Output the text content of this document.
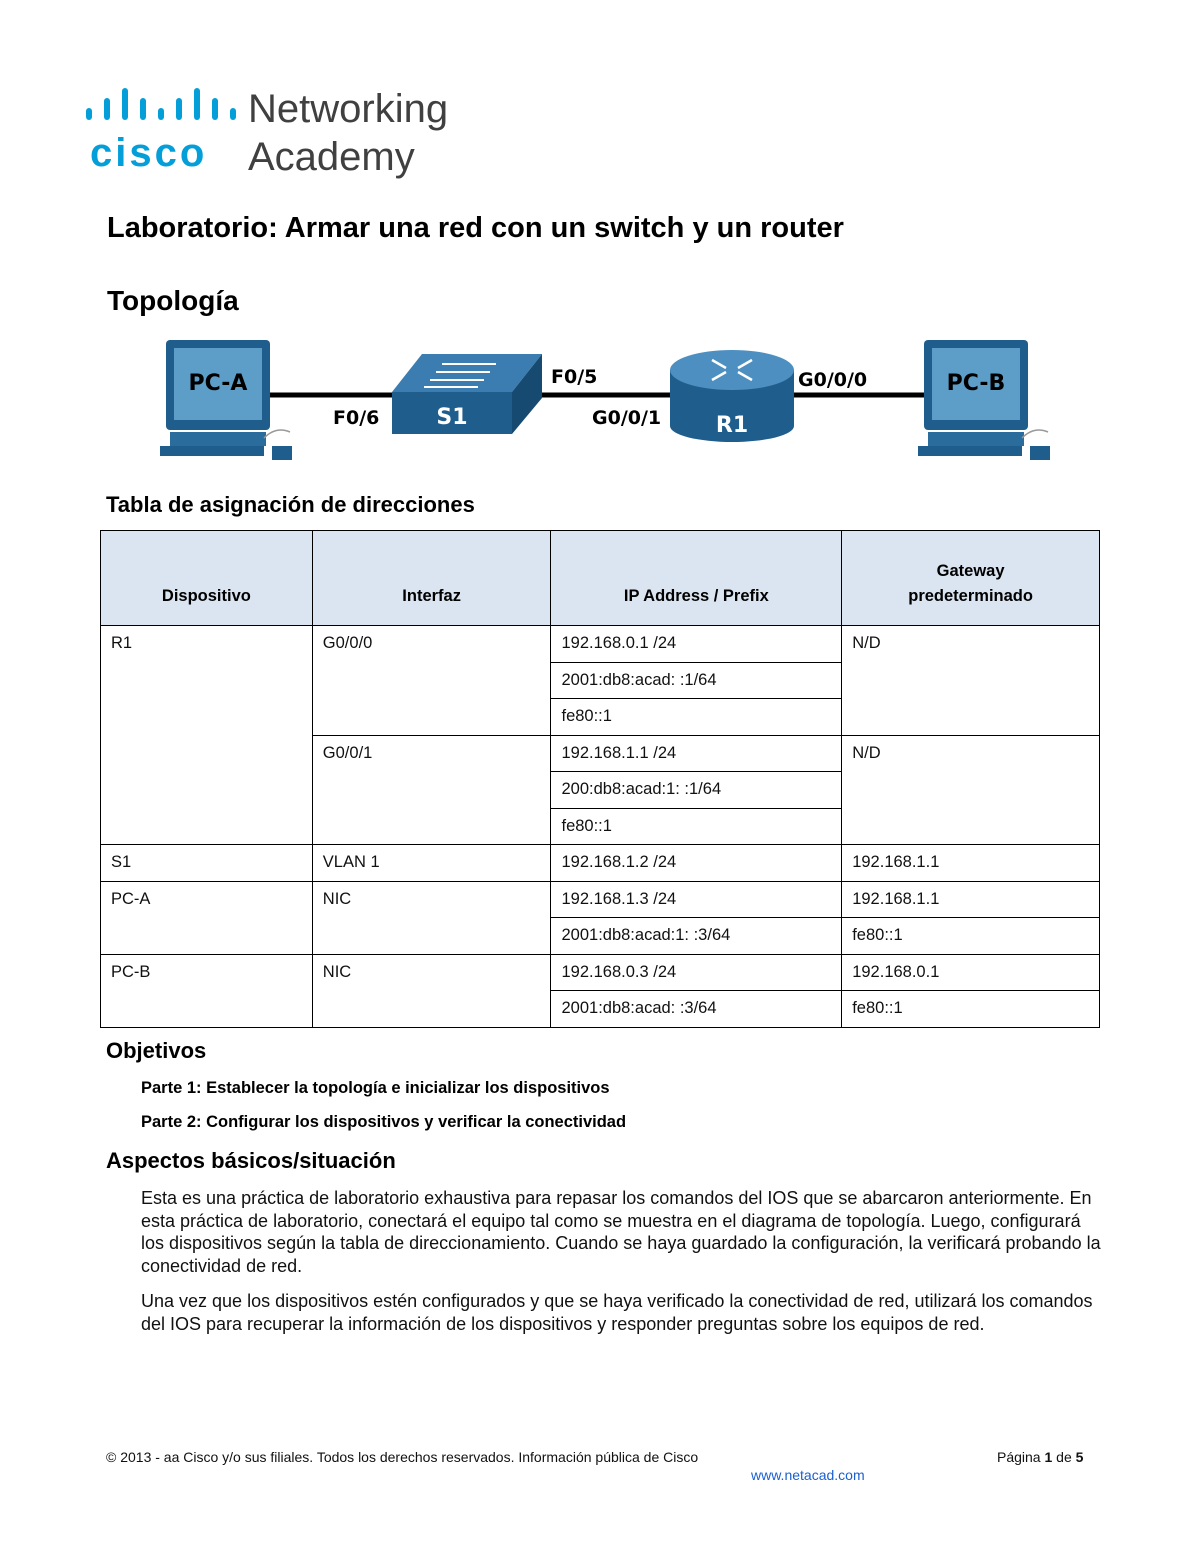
cisco
Networking
Academy
Laboratorio: Armar una red con un switch y un router
Topología
PC-A
S1	R1
PC-B
F0/6
F0/5
G0/0/1
G0/0/0
Tabla de asignación de direcciones
Dispositivo	Interfaz	IP Address / Prefix	Gateway
predeterminado
R1	G0/0/0	192.168.0.1 /24	N/D
		2001:db8:acad: :1/64	
		fe80::1	
	G0/0/1	192.168.1.1 /24	N/D
		200:db8:acad:1: :1/64	
		fe80::1	
S1	VLAN 1	192.168.1.2 /24	192.168.1.1
PC-A	NIC	192.168.1.3 /24	192.168.1.1
		2001:db8:acad:1: :3/64	fe80::1
PC-B	NIC	192.168.0.3 /24	192.168.0.1
		2001:db8:acad: :3/64	fe80::1
Objetivos
Parte 1: Establecer la topología e inicializar los dispositivos
Parte 2: Configurar los dispositivos y verificar la conectividad
Aspectos básicos/situación
Esta es una práctica de laboratorio exhaustiva para repasar los comandos del IOS que se abarcaron anteriormente. En esta práctica de laboratorio, conectará el equipo tal como se muestra en el diagrama de topología. Luego, configurará los dispositivos según la tabla de direccionamiento. Cuando se haya guardado la configuración, la verificará probando la conectividad de red.
Una vez que los dispositivos estén configurados y que se haya verificado la conectividad de red, utilizará los comandos del IOS para recuperar la información de los dispositivos y responder preguntas sobre los equipos de red.
© 2013 - aa Cisco y/o sus filiales. Todos los derechos reservados. Información pública de Cisco	Página 1 de 5
www.netacad.com
